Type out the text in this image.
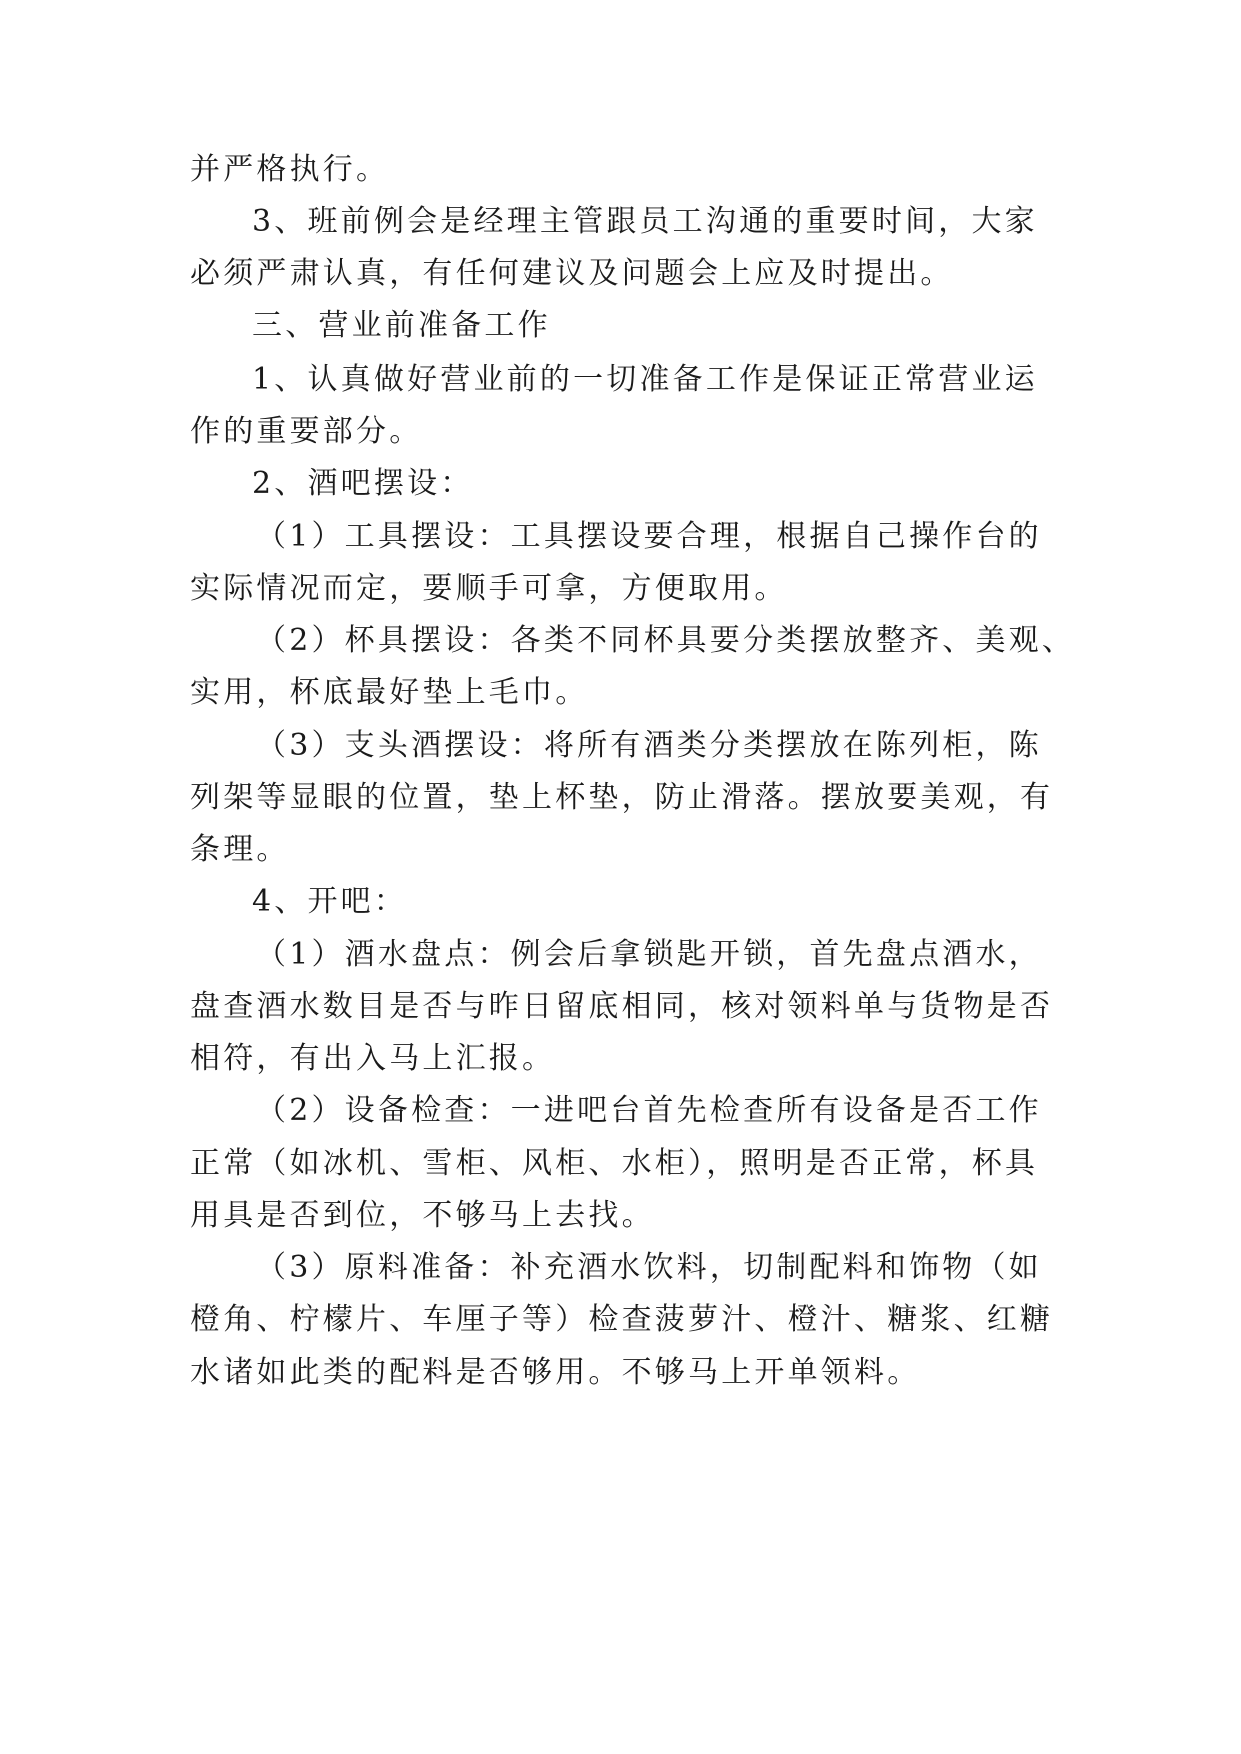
并严格执行。
3、班前例会是经理主管跟员工沟通的重要时间，大家
必须严肃认真，有任何建议及问题会上应及时提出。
三、营业前准备工作
1、认真做好营业前的一切准备工作是保证正常营业运
作的重要部分。
2、酒吧摆设：
（1）工具摆设：工具摆设要合理，根据自己操作台的
实际情况而定，要顺手可拿，方便取用。
（2）杯具摆设：各类不同杯具要分类摆放整齐、美观、
实用，杯底最好垫上毛巾。
（3）支头酒摆设：将所有酒类分类摆放在陈列柜，陈
列架等显眼的位置，垫上杯垫，防止滑落。摆放要美观，有
条理。
4、开吧：
（1）酒水盘点：例会后拿锁匙开锁，首先盘点酒水，
盘查酒水数目是否与昨日留底相同，核对领料单与货物是否
相符，有出入马上汇报。
（2）设备检查：一进吧台首先检查所有设备是否工作
正常（如冰机、雪柜、风柜、水柜），照明是否正常，杯具
用具是否到位，不够马上去找。
（3）原料准备：补充酒水饮料，切制配料和饰物（如
橙角、柠檬片、车厘子等）检查菠萝汁、橙汁、糖浆、红糖
水诸如此类的配料是否够用。不够马上开单领料。
